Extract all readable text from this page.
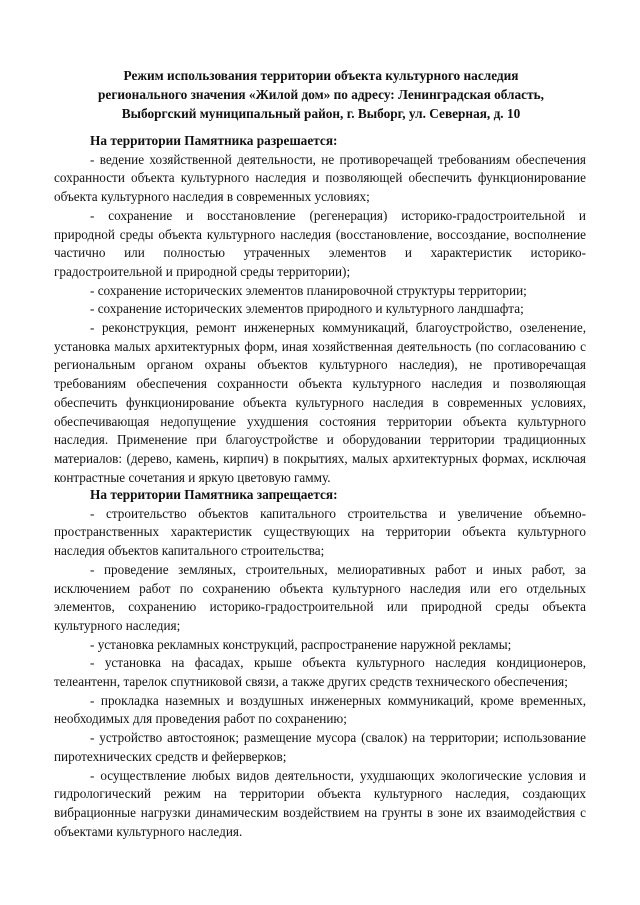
Режим использования территории объекта культурного наследия
регионального значения «Жилой дом» по адресу: Ленинградская область,
Выборгский муниципальный район, г. Выборг, ул. Северная, д. 10
На территории Памятника разрешается:
- ведение хозяйственной деятельности, не противоречащей требованиям обеспечения сохранности объекта культурного наследия и позволяющей обеспечить функционирование объекта культурного наследия в современных условиях;
- сохранение и восстановление (регенерация) историко-градостроительной и природной среды объекта культурного наследия (восстановление, воссоздание, восполнение частично или полностью утраченных элементов и характеристик историко-градостроительной и природной среды территории);
- сохранение исторических элементов планировочной структуры территории;
- сохранение исторических элементов природного и культурного ландшафта;
- реконструкция, ремонт инженерных коммуникаций, благоустройство, озеленение, установка малых архитектурных форм, иная хозяйственная деятельность (по согласованию с региональным органом охраны объектов культурного наследия), не противоречащая требованиям обеспечения сохранности объекта культурного наследия и позволяющая обеспечить функционирование объекта культурного наследия в современных условиях, обеспечивающая недопущение ухудшения состояния территории объекта культурного наследия. Применение при благоустройстве и оборудовании территории традиционных материалов: (дерево, камень, кирпич) в покрытиях, малых архитектурных формах, исключая контрастные сочетания и яркую цветовую гамму.
На территории Памятника запрещается:
- строительство объектов капитального строительства и увеличение объемно-пространственных характеристик существующих на территории объекта культурного наследия объектов капитального строительства;
- проведение земляных, строительных, мелиоративных работ и иных работ, за исключением работ по сохранению объекта культурного наследия или его отдельных элементов, сохранению историко-градостроительной или природной среды объекта культурного наследия;
- установка рекламных конструкций, распространение наружной рекламы;
- установка на фасадах, крыше объекта культурного наследия кондиционеров, телеантенн, тарелок спутниковой связи, а также других средств технического обеспечения;
- прокладка наземных и воздушных инженерных коммуникаций, кроме временных, необходимых для проведения работ по сохранению;
- устройство автостоянок; размещение мусора (свалок) на территории; использование пиротехнических средств и фейерверков;
- осуществление любых видов деятельности, ухудшающих экологические условия и гидрологический режим на территории объекта культурного наследия, создающих вибрационные нагрузки динамическим воздействием на грунты в зоне их взаимодействия с объектами культурного наследия.
